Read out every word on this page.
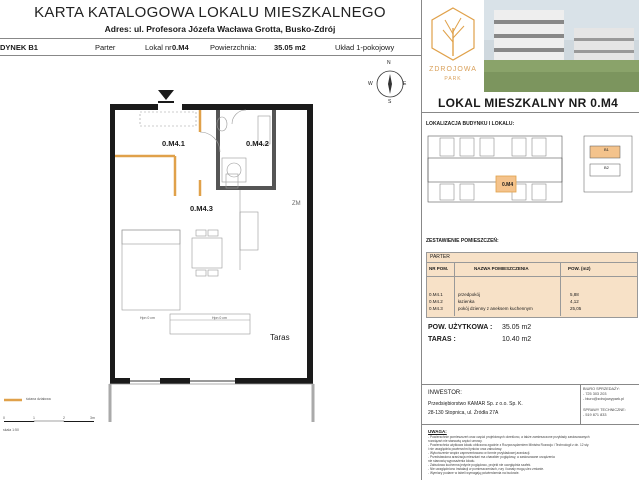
KARTA KATALOGOWA LOKALU MIESZKALNEGO
Adres: ul. Profesora Józefa Wacława Grotta, Busko-Zdrój
DYNEK B1	Parter	Lokal nr 0.M4	Powierzchnia: 35.05 m2	Układ 1-pokojowy
N
E
S
W
0.M4.1	0.M4.2
0.M4.3	ZM
Taras
Hpn 0 cm	Hpn 0 cm
ściana działowa
0	1	2	3m
skala 1:50
ZDROJOWA
PARK
LOKAL MIESZKALNY NR 0.M4
LOKALIZACJA BUDYNKU I LOKALU:
0.M4
B1
B2
ZESTAWIENIE POMIESZCZEŃ:
PARTER
NR POM.	NAZWA POMIESZCZENIA	POW. (m2)
0.M4.1	przedpokój	5,88
0.M4.2	łazienka	4,12
0.M4.3	pokój dzienny z aneksem kuchennym	25,05
POW. UŻYTKOWA : 35.05 m2
TARAS :	10.40 m2
INWESTOR:
Przedsiębiorstwo KAMAR Sp. z o.o. Sp. K.
28-130 Stopnica, ul. Źródła 27A
BIURO SPRZEDAŻY:
- 725 303 203
- biuro@zdrojowypark.pl
SPRAWY TECHNICZNE:
- 519 871 833
UWAGA:
- Powierzchnie pomieszczeń oraz części projektowych określono, a także zamieszczone przykłady zastosowanych
rozwiązań nie stanowią części umowy.
- Powierzchnia użytkowa lokalu obliczona zgodnie z Rozporządzeniem Ministra Rozwoju i Technologii z dn. 12 sty.
i nie uwzględnia powierzchni tynków oraz zabudowy.
- Wykończenie wnętrz zaprezentowano w formie przykładowej aranżacji.
- Przedstawiona aranżacja mieszkań ma charakter poglądowy, a zastosowane urządzenia
nie stanowią wyposażenia lokalu.
- Zabudowa kuchenna jedynie poglądowo, projekt nie uwzględnia szafek.
- Nie uwzględniono instalacji w pomieszczeniach, rury i kanały mogą ulec zmianie.
- Wymiary podane w tabeli wymagają potwierdzenia na budowie.
